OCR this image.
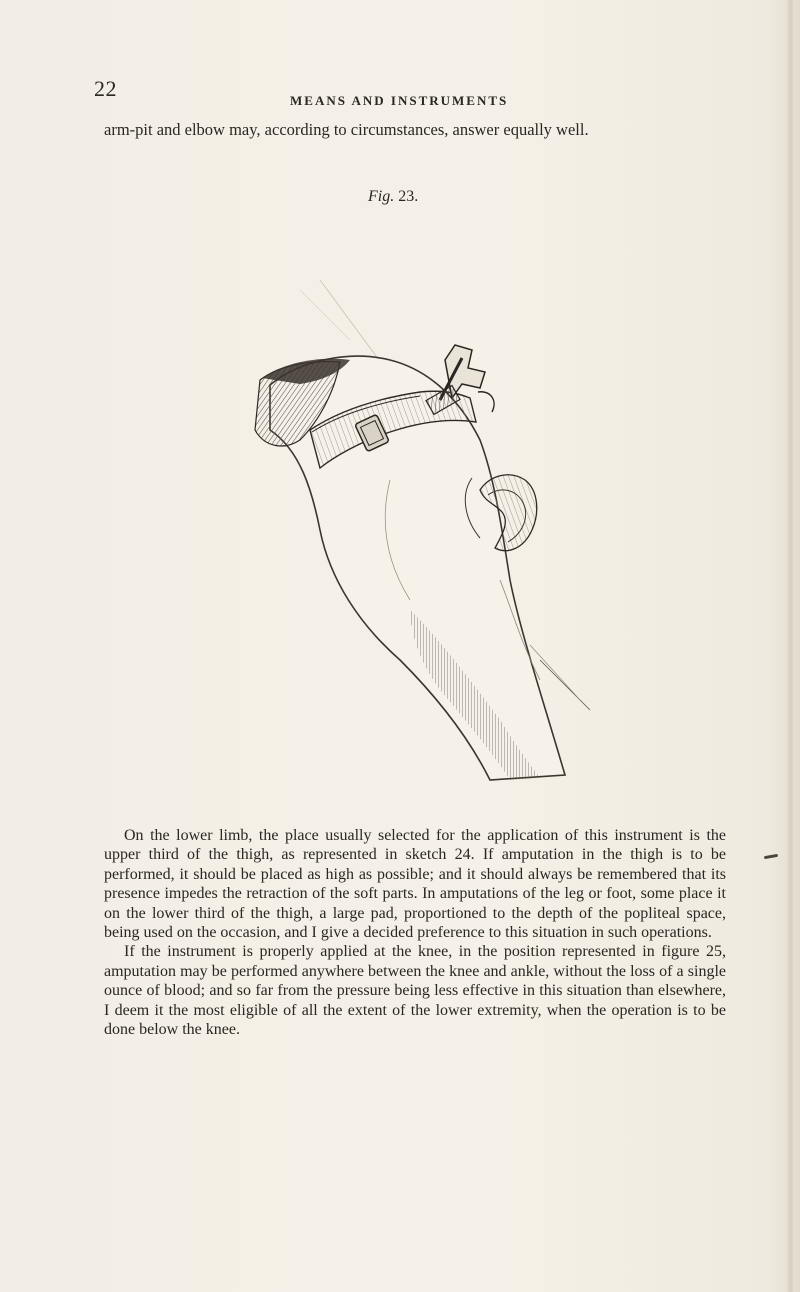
22	MEANS AND INSTRUMENTS
arm-pit and elbow may, according to circumstances, answer equally well.
Fig. 23.

On the lower limb, the place usually selected for the application of this instrument is the upper third of the thigh, as represented in sketch 24. If amputation in the thigh is to be performed, it should be placed as high as possible; and it should always be remembered that its presence impedes the retraction of the soft parts. In amputations of the leg or foot, some place it on the lower third of the thigh, a large pad, proportioned to the depth of the popliteal space, being used on the occasion, and I give a decided preference to this situation in such operations.

If the instrument is properly applied at the knee, in the position represented in figure 25, amputation may be performed anywhere between the knee and ankle, without the loss of a single ounce of blood; and so far from the pressure being less effective in this situation than elsewhere, I deem it the most eligible of all the extent of the lower extremity, when the operation is to be done below the knee.
